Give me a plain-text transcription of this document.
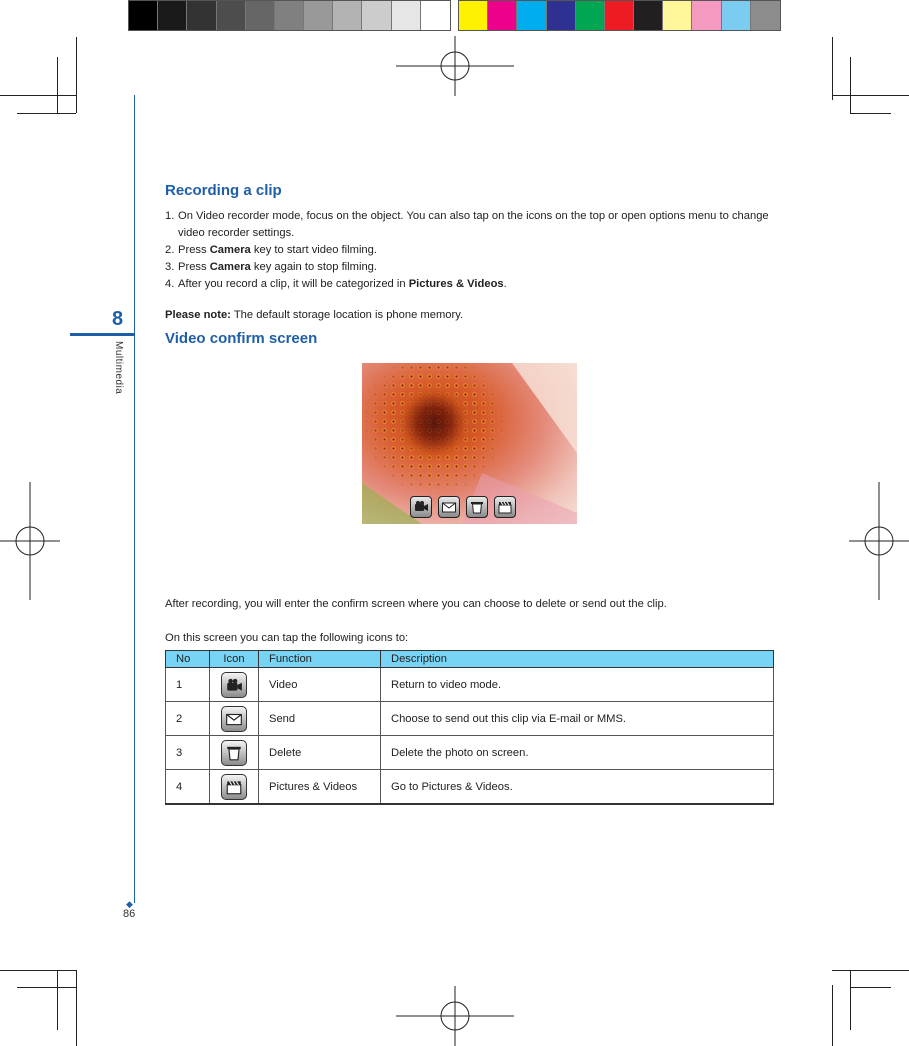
8
Multimedia
◆
86
Recording a clip
1. On Video recorder mode, focus on the object. You can also tap on the icons on the top or open options menu to change video recorder settings.
2. Press Camera key to start video filming.
3. Press Camera key again to stop filming.
4. After you record a clip, it will be categorized in Pictures & Videos.
Please note: The default storage location is phone memory.
Video confirm screen
After recording, you will enter the confirm screen where you can choose to delete or send out the clip.
On this screen you can tap the following icons to:
No	Icon	Function	Description
1		Video	Return to video mode.
2		Send	Choose to send out this clip via E-mail or MMS.
3		Delete	Delete the photo on screen.
4		Pictures & Videos	Go to Pictures & Videos.
